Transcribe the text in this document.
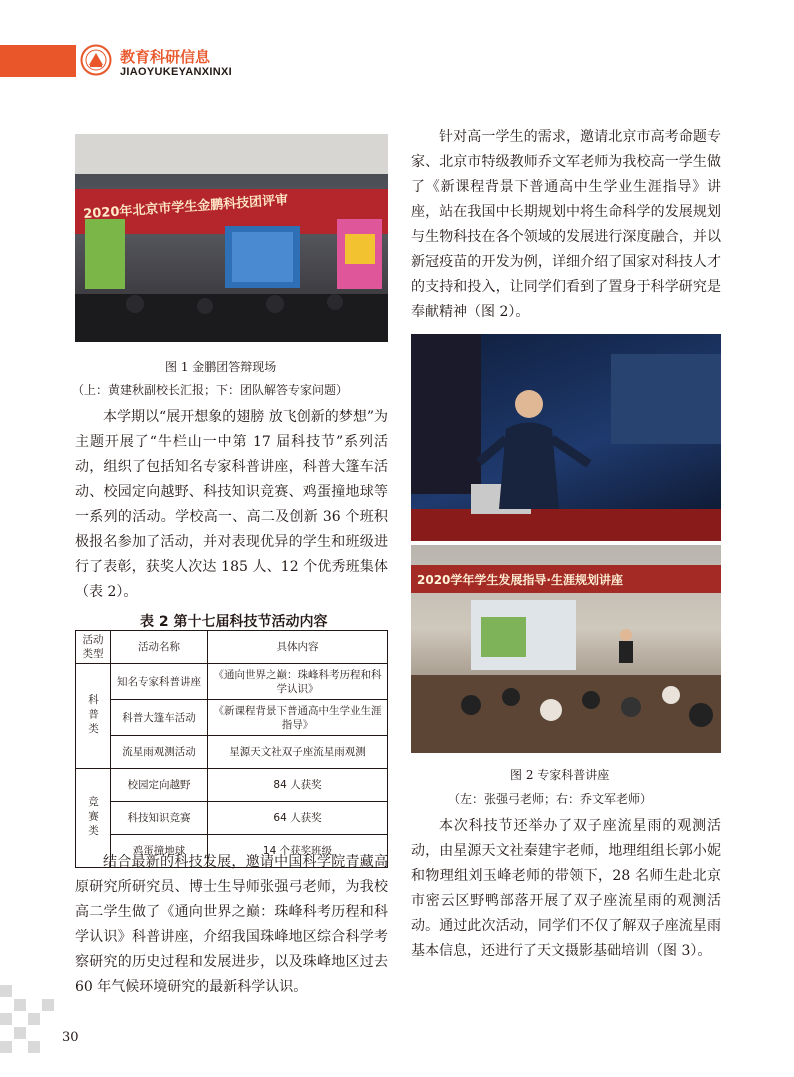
教育科研信息
JIAOYUKEYANXINXI
2020年北京市学生金鹏科技团评审
图 1 金鹏团答辩现场
（上：黄建秋副校长汇报；下：团队解答专家问题）

本学期以“展开想象的翅膀 放飞创新的梦想”为主题开展了“牛栏山一中第 17 届科技节”系列活动，组织了包括知名专家科普讲座，科普大篷车活动、校园定向越野、科技知识竞赛、鸡蛋撞地球等一系列的活动。学校高一、高二及创新 36 个班积极报名参加了活动，并对表现优异的学生和班级进行了表彰，获奖人次达 185 人、12 个优秀班集体（表 2）。

表 2 第十七届科技节活动内容
活动类型	活动名称	具体内容
科普类	知名专家科普讲座	《通向世界之巅：珠峰科考历程和科学认识》
	科普大篷车活动	《新课程背景下普通高中生学业生涯指导》
	流星雨观测活动	星源天文社双子座流星雨观测
竞赛类	校园定向越野	84 人获奖
	科技知识竞赛	64 人获奖
	鸡蛋撞地球	14 个获奖班级

结合最新的科技发展，邀请中国科学院青藏高原研究所研究员、博士生导师张强弓老师，为我校高二学生做了《通向世界之巅：珠峰科考历程和科学认识》科普讲座，介绍我国珠峰地区综合科学考察研究的历史过程和发展进步，以及珠峰地区过去 60 年气候环境研究的最新科学认识。

针对高一学生的需求，邀请北京市高考命题专家、北京市特级教师乔文军老师为我校高一学生做了《新课程背景下普通高中生学业生涯指导》讲座，站在我国中长期规划中将生命科学的发展规划与生物科技在各个领域的发展进行深度融合，并以新冠疫苗的开发为例，详细介绍了国家对科技人才的支持和投入，让同学们看到了置身于科学研究是奉献精神（图 2）。

2020学年学生发展指导·生涯规划讲座
图 2 专家科普讲座
（左：张强弓老师；右：乔文军老师）

本次科技节还举办了双子座流星雨的观测活动，由星源天文社秦建宇老师，地理组组长郭小妮和物理组刘玉峰老师的带领下，28 名师生赴北京市密云区野鸭部落开展了双子座流星雨的观测活动。通过此次活动，同学们不仅了解双子座流星雨基本信息，还进行了天文摄影基础培训（图 3）。

30
